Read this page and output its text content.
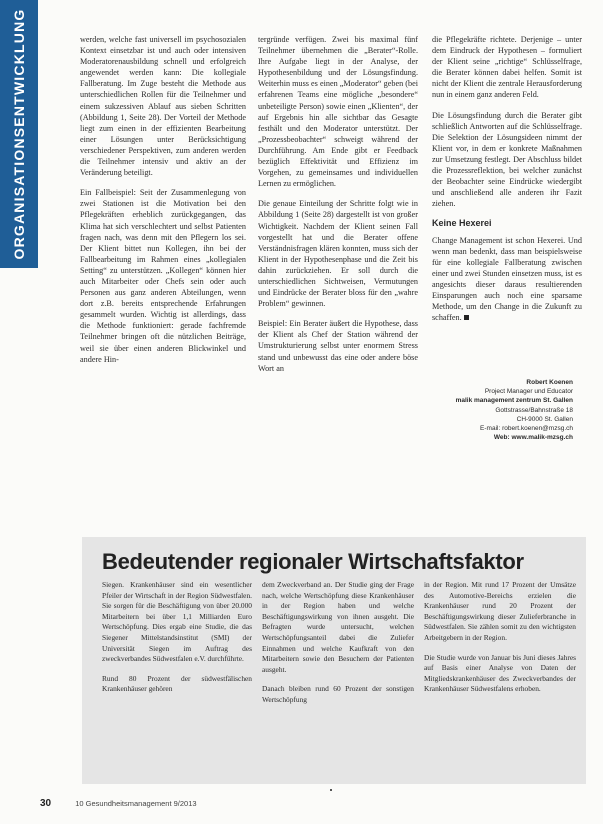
ORGANISATIONSENTWICKLUNG	werden, welche fast universell im psychosozialen Kontext einsetzbar ist und auch oder intensiven Moderatorenausbildung schnell und erfolgreich angewendet werden kann: Die kollegiale Fallberatung. Im Zuge besteht die Methode aus unterschiedlichen Rollen für die Teilnehmer und einem sukzessiven Ablauf aus sieben Schritten (Abbildung 1, Seite 28). Der Vorteil der Methode liegt zum einen in der effizienten Bearbeitung einer Lösungen unter Berücksichtigung verschiedener Perspektiven, zum anderen werden die Teilnehmer intensiv und aktiv an der Veränderung beteiligt.

Ein Fallbeispiel: Seit der Zusammenlegung von zwei Stationen ist die Motivation bei den Pflegekräften erheblich zurückgegangen, das Klima hat sich verschlechtert und selbst Patienten fragen nach, was denn mit den Pflegern los sei. Der Klient bittet nun Kollegen, ihn bei der Fallbearbeitung im Rahmen eines „kollegialen Setting“ zu unterstützen. „Kollegen“ können hier auch Mitarbeiter oder Chefs sein oder auch Personen aus ganz anderen Abteilungen, wenn dort z.B. bereits entsprechende Erfahrungen gesammelt wurden. Wichtig ist allerdings, dass die Methode funktioniert: gerade fachfremde Teilnehmer bringen oft die nützlichen Beiträge, weil sie über einen anderen Blickwinkel und andere Hin-

tergründe verfügen. Zwei bis maximal fünf Teilnehmer übernehmen die „Berater“-Rolle. Ihre Aufgabe liegt in der Analyse, der Hypothesenbildung und der Lösungsfindung. Weiterhin muss es einen „Moderator“ geben (bei erfahrenen Teams eine mögliche „besondere“ unbeteiligte Person) sowie einen „Klienten“, der auf Ergebnis hin alle sichtbar das Gesagte festhält und den Moderator unterstützt. Der „Prozessbeobachter“ schweigt während der Durchführung. Am Ende gibt er Feedback bezüglich Effektivität und Effizienz im Vorgehen, zu gemeinsames und individuellen Lernen zu ermöglichen.

Die genaue Einteilung der Schritte folgt wie in Abbildung 1 (Seite 28) dargestellt ist von großer Wichtigkeit. Nachdem der Klient seinen Fall vorgestellt hat und die Berater offene Verständnisfragen klären konnten, muss sich der Klient in der Hypothesenphase und die Zeit bis dahin zurückziehen. Er soll durch die unterschiedlichen Sichtweisen, Vermutungen und Eindrücke der Berater bloss für den „wahre Problem“ gewinnen.

Beispiel: Ein Berater äußert die Hypothese, dass der Klient als Chef der Station während der Umstrukturierung selbst unter enormem Stress stand und unbewusst das eine oder andere böse Wort an

die Pflegekräfte richtete. Derjenige – unter dem Eindruck der Hypothesen – formuliert der Klient seine „richtige“ Schlüsselfrage, die Berater können dabei helfen. Somit ist nicht der Klient die zentrale Herausforderung nun in einem ganz anderen Feld.

Die Lösungsfindung durch die Berater gibt schließlich Antworten auf die Schlüsselfrage. Die Selektion der Lösungsideen nimmt der Klient vor, in dem er konkrete Maßnahmen zur Umsetzung festlegt. Der Abschluss bildet die Prozessreflektion, bei welcher zunächst der Beobachter seine Eindrücke wiedergibt und anschließend alle anderen ihr Fazit ziehen.

Keine Hexerei

Change Management ist schon Hexerei. Und wenn man bedenkt, dass man beispielsweise für eine kollegiale Fallberatung zwischen einer und zwei Stunden einsetzen muss, ist es angesichts dieser daraus resultierenden Einsparungen auch noch eine sparsame Methode, um den Change in die Zukunft zu schaffen.

Robert Koenen
Project Manager und Educator
malik management zentrum St. Gallen
Gottstrasse/Bahnstraße 18
CH-9000 St. Gallen
E-mail: robert.koenen@mzsg.ch
Web: www.malik-mzsg.ch
Bedeutender regionaler Wirtschaftsfaktor

Siegen. Krankenhäuser sind ein wesentlicher Pfeiler der Wirtschaft in der Region Südwestfalen. Sie sorgen für die Beschäftigung von über 20.000 Mitarbeitern bei über 1,1 Milliarden Euro Wertschöpfung. Dies ergab eine Studie, die das Siegener Mittelstandsinstitut (SMI) der Universität Siegen im Auftrag des zweckverbandes Südwestfalen e.V. durchführte.

Rund 80 Prozent der südwestfälischen Krankenhäuser gehören

dem Zweckverband an. Der Studie ging der Frage nach, welche Wertschöpfung diese Krankenhäuser in der Region haben und welche Beschäftigungswirkung von ihnen ausgeht. Die Befragten wurde untersucht, welchen Wertschöpfungsanteil dabei die Zuliefer Einnahmen und welche Kaufkraft von den Mitarbeitern sowie den Besuchern der Patienten ausgeht.

Danach bleiben rund 60 Prozent der sonstigen Wertschöpfung

in der Region. Mit rund 17 Prozent der Umsätze des Automotive-Bereichs erzielen die Krankenhäuser rund 20 Prozent der Beschäftigungswirkung dieser Zulieferbranche in Südwestfalen. Sie zählen somit zu den wichtigsten Arbeitgebern in der Region.

Die Studie wurde von Januar bis Juni dieses Jahres auf Basis einer Analyse von Daten der Mitgliedskrankenhäuser des Zweckverbandes der Krankenhäuser Südwestfalens erhoben.

30	10 Gesundheitsmanagement 9/2013
